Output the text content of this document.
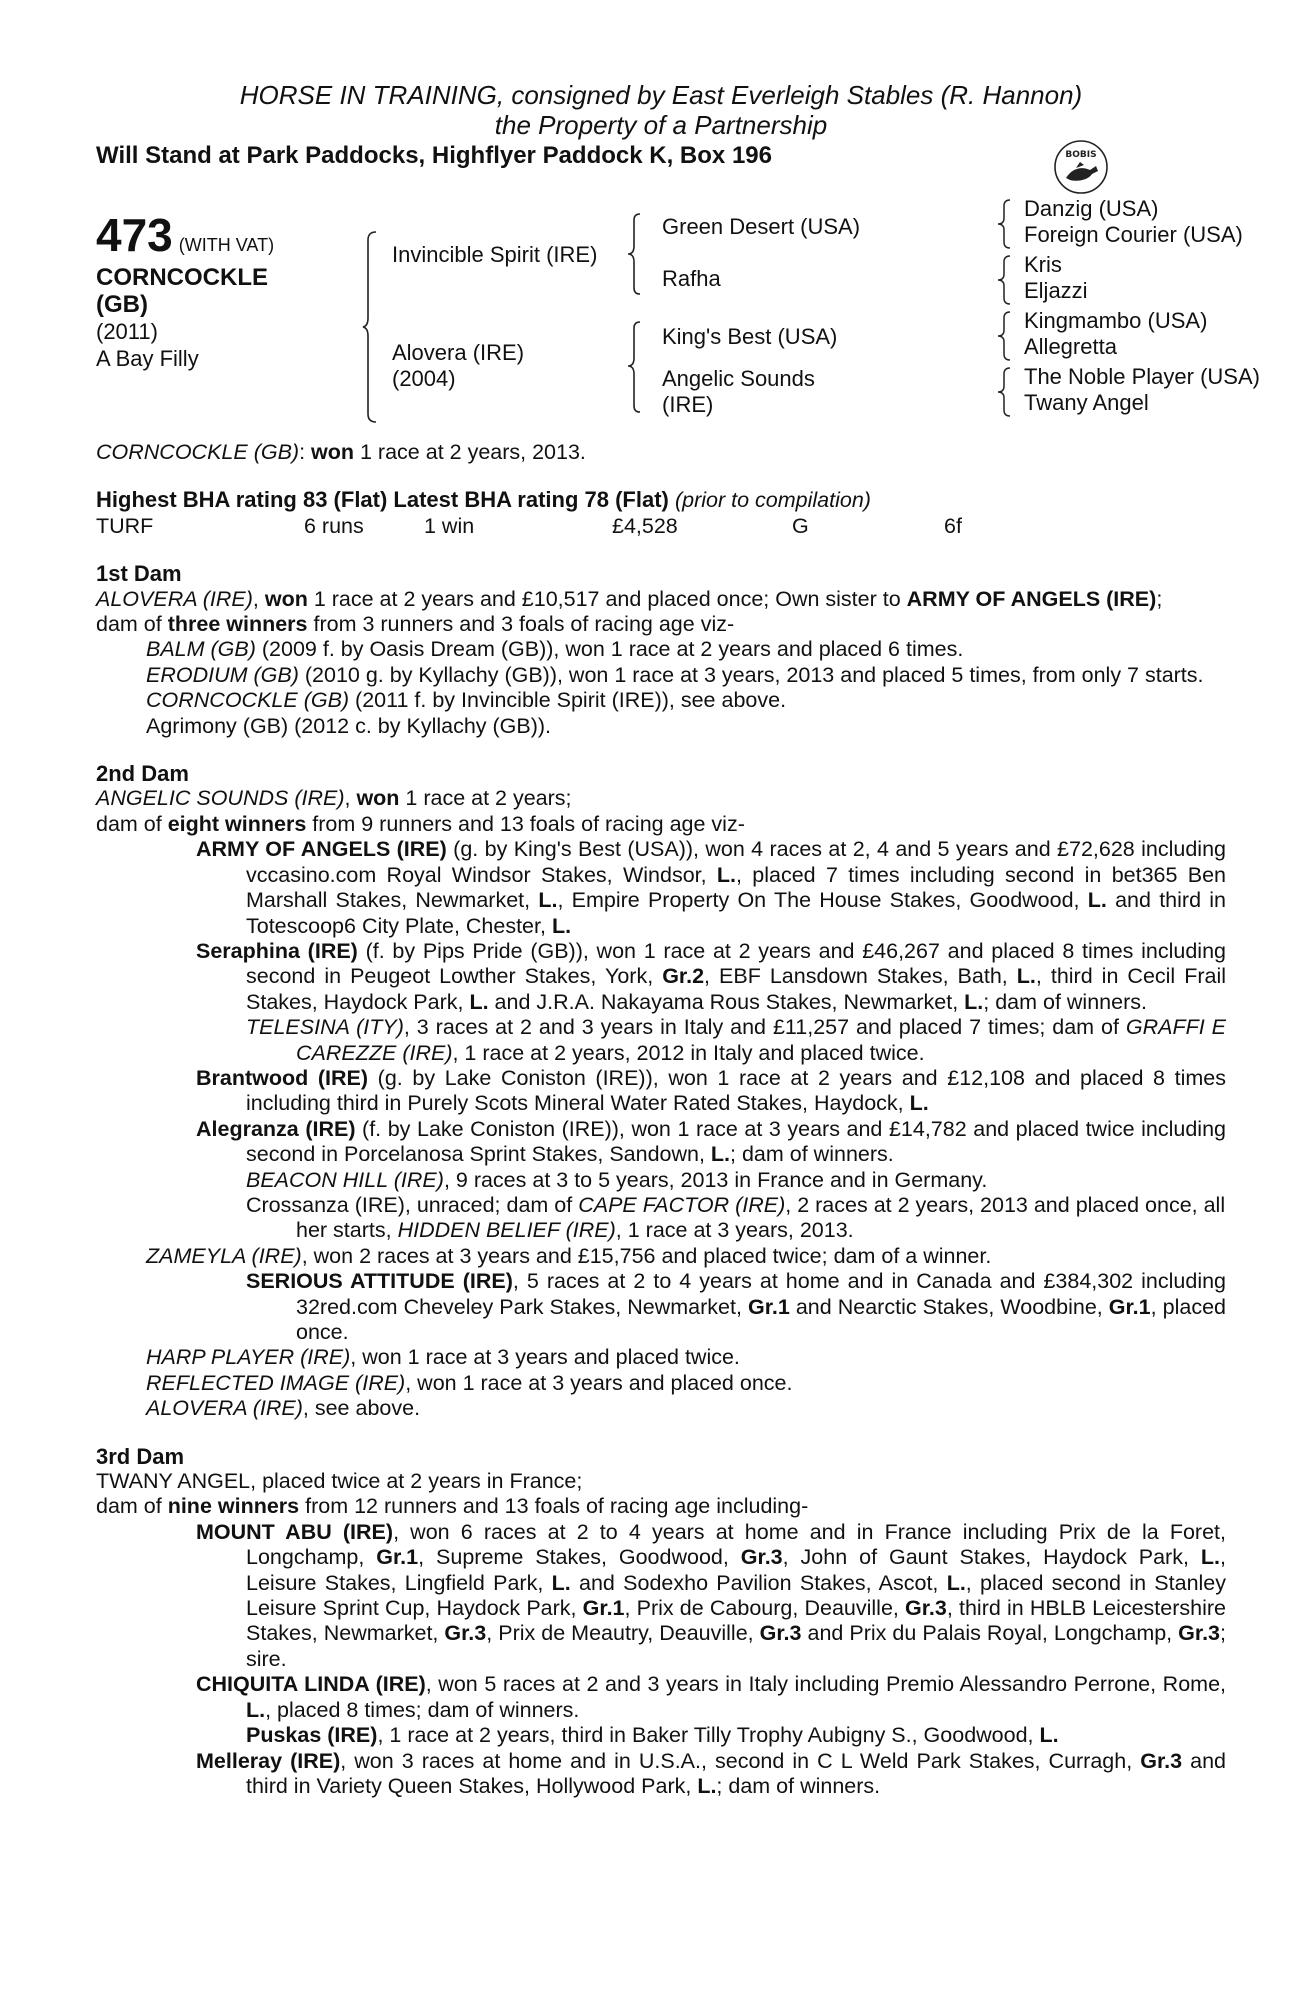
HORSE IN TRAINING, consigned by East Everleigh Stables (R. Hannon)
the Property of a Partnership
Will Stand at Park Paddocks, Highflyer Paddock K, Box 196	BOBIS
473 (WITH VAT)
CORNCOCKLE
(GB)
(2011)
A Bay Filly
Invincible Spirit (IRE)
Alovera (IRE)
(2004)
Green Desert (USA)
Rafha
King's Best (USA)
Angelic Sounds
(IRE)
Danzig (USA)
Foreign Courier (USA)
Kris
Eljazzi
Kingmambo (USA)
Allegretta
The Noble Player (USA)
Twany Angel

CORNCOCKLE (GB): won 1 race at 2 years, 2013.

Highest BHA rating 83 (Flat) Latest BHA rating 78 (Flat) (prior to compilation)

TURF	6 runs	1 win	£4,528	G	6f

1st Dam

ALOVERA (IRE), won 1 race at 2 years and £10,517 and placed once; Own sister to ARMY OF ANGELS (IRE);

dam of three winners from 3 runners and 3 foals of racing age viz-

BALM (GB) (2009 f. by Oasis Dream (GB)), won 1 race at 2 years and placed 6 times.

ERODIUM (GB) (2010 g. by Kyllachy (GB)), won 1 race at 3 years, 2013 and placed 5 times, from only 7 starts.

CORNCOCKLE (GB) (2011 f. by Invincible Spirit (IRE)), see above.

Agrimony (GB) (2012 c. by Kyllachy (GB)).

2nd Dam

ANGELIC SOUNDS (IRE), won 1 race at 2 years;

dam of eight winners from 9 runners and 13 foals of racing age viz-

ARMY OF ANGELS (IRE) (g. by King's Best (USA)), won 4 races at 2, 4 and 5 years and £72,628 including vccasino.com Royal Windsor Stakes, Windsor, L., placed 7 times including second in bet365 Ben Marshall Stakes, Newmarket, L., Empire Property On The House Stakes, Goodwood, L. and third in Totescoop6 City Plate, Chester, L.

Seraphina (IRE) (f. by Pips Pride (GB)), won 1 race at 2 years and £46,267 and placed 8 times including second in Peugeot Lowther Stakes, York, Gr.2, EBF Lansdown Stakes, Bath, L., third in Cecil Frail Stakes, Haydock Park, L. and J.R.A. Nakayama Rous Stakes, Newmarket, L.; dam of winners.

TELESINA (ITY), 3 races at 2 and 3 years in Italy and £11,257 and placed 7 times; dam of GRAFFI E CAREZZE (IRE), 1 race at 2 years, 2012 in Italy and placed twice.

Brantwood (IRE) (g. by Lake Coniston (IRE)), won 1 race at 2 years and £12,108 and placed 8 times including third in Purely Scots Mineral Water Rated Stakes, Haydock, L.

Alegranza (IRE) (f. by Lake Coniston (IRE)), won 1 race at 3 years and £14,782 and placed twice including second in Porcelanosa Sprint Stakes, Sandown, L.; dam of winners.

BEACON HILL (IRE), 9 races at 3 to 5 years, 2013 in France and in Germany.

Crossanza (IRE), unraced; dam of CAPE FACTOR (IRE), 2 races at 2 years, 2013 and placed once, all her starts, HIDDEN BELIEF (IRE), 1 race at 3 years, 2013.

ZAMEYLA (IRE), won 2 races at 3 years and £15,756 and placed twice; dam of a winner.

SERIOUS ATTITUDE (IRE), 5 races at 2 to 4 years at home and in Canada and £384,302 including 32red.com Cheveley Park Stakes, Newmarket, Gr.1 and Nearctic Stakes, Woodbine, Gr.1, placed once.

HARP PLAYER (IRE), won 1 race at 3 years and placed twice.

REFLECTED IMAGE (IRE), won 1 race at 3 years and placed once.

ALOVERA (IRE), see above.

3rd Dam

TWANY ANGEL, placed twice at 2 years in France;

dam of nine winners from 12 runners and 13 foals of racing age including-

MOUNT ABU (IRE), won 6 races at 2 to 4 years at home and in France including Prix de la Foret, Longchamp, Gr.1, Supreme Stakes, Goodwood, Gr.3, John of Gaunt Stakes, Haydock Park, L., Leisure Stakes, Lingfield Park, L. and Sodexho Pavilion Stakes, Ascot, L., placed second in Stanley Leisure Sprint Cup, Haydock Park, Gr.1, Prix de Cabourg, Deauville, Gr.3, third in HBLB Leicestershire Stakes, Newmarket, Gr.3, Prix de Meautry, Deauville, Gr.3 and Prix du Palais Royal, Longchamp, Gr.3; sire.

CHIQUITA LINDA (IRE), won 5 races at 2 and 3 years in Italy including Premio Alessandro Perrone, Rome, L., placed 8 times; dam of winners.

Puskas (IRE), 1 race at 2 years, third in Baker Tilly Trophy Aubigny S., Goodwood, L.

Melleray (IRE), won 3 races at home and in U.S.A., second in C L Weld Park Stakes, Curragh, Gr.3 and third in Variety Queen Stakes, Hollywood Park, L.; dam of winners.
